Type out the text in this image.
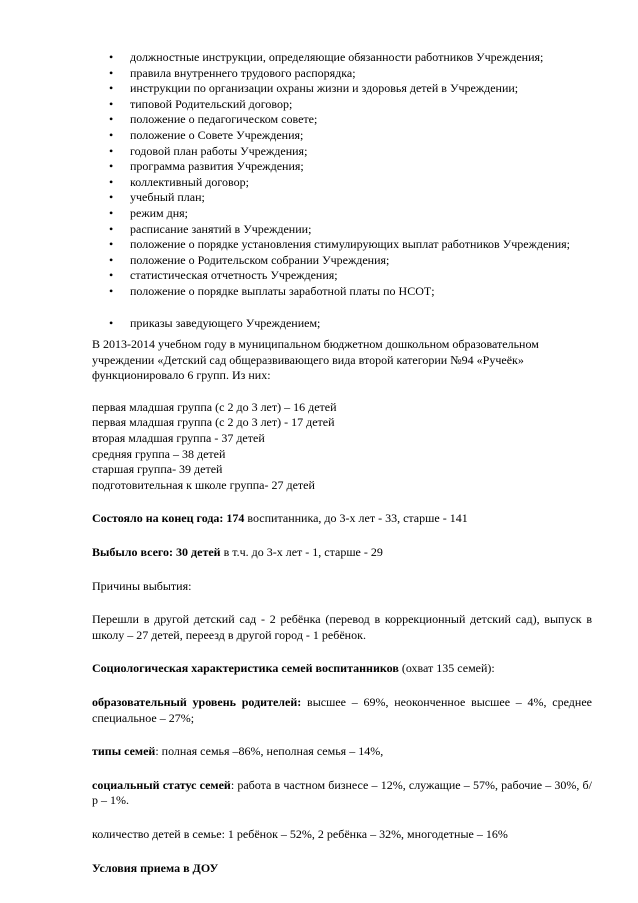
• должностные инструкции, определяющие обязанности работников Учреждения;
• правила внутреннего трудового распорядка;
• инструкции по организации охраны жизни и здоровья детей в Учреждении;
• типовой Родительский договор;
• положение о педагогическом совете;
• положение о Совете Учреждения;
• годовой план работы Учреждения;
• программа развития Учреждения;
• коллективный договор;
• учебный план;
• режим дня;
• расписание занятий в Учреждении;
• положение о порядке установления стимулирующих выплат работников Учреждения;
• положение о Родительском собрании Учреждения;
• статистическая отчетность Учреждения;
• положение о порядке выплаты заработной платы по НСОТ;
• приказы заведующего Учреждением;

В 2013-2014 учебном году в муниципальном бюджетном дошкольном образовательном учреждении «Детский сад общеразвивающего вида второй категории №94 «Ручеёк» функционировало 6 групп. Из них:

первая младшая группа (с 2 до 3 лет) – 16 детей

первая младшая группа (с 2 до 3 лет) - 17 детей

вторая младшая группа - 37 детей

средняя группа – 38 детей

старшая группа- 39 детей

подготовительная к школе группа- 27 детей

Состояло на конец года: 174 воспитанника, до 3-х лет - 33, старше - 141

Выбыло всего: 30 детей в т.ч. до 3-х лет - 1, старше - 29

Причины выбытия:

Перешли в другой детский сад - 2 ребёнка (перевод в коррекционный детский сад), выпуск в школу – 27 детей, переезд в другой город - 1 ребёнок.

Социологическая характеристика семей воспитанников (охват 135 семей):

образовательный уровень родителей: высшее – 69%, неоконченное высшее – 4%, среднее специальное – 27%;

типы семей: полная семья –86%, неполная семья – 14%,

социальный статус семей: работа в частном бизнесе – 12%, служащие – 57%, рабочие – 30%, б/р – 1%.

количество детей в семье: 1 ребёнок – 52%, 2 ребёнка – 32%, многодетные – 16%

Условия приема в ДОУ
